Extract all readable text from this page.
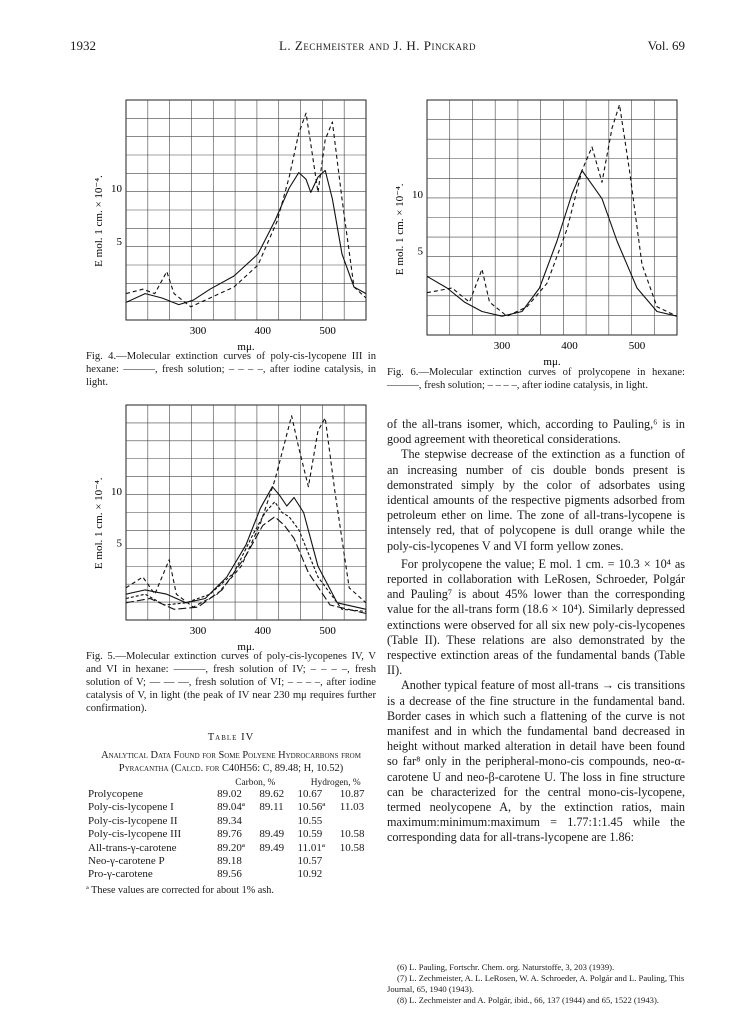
1932	L. Zechmeister and J. H. Pinckard	Vol. 69
300	400	500
mμ.
10
5
E mol. 1 cm. × 10⁻⁴.
Fig. 4.—Molecular extinction curves of poly-cis-lycopene III in hexane: ———, fresh solution; – – – –, after iodine catalysis, in light.
300	400	500
mμ.
10
5
E mol. 1 cm. × 10⁻⁴.
Fig. 5.—Molecular extinction curves of poly-cis-lycopenes IV, V and VI in hexane: ———, fresh solution of IV; – – – –, fresh solution of V; — — —, fresh solution of VI; – – – –, after iodine catalysis of V, in light (the peak of IV near 230 mμ requires further confirmation).
300	400	500
mμ.
10
5
E mol. 1 cm. × 10⁻⁴.
Fig. 6.—Molecular extinction curves of prolycopene in hexane: ———, fresh solution; – – – –, after iodine catalysis, in light.
Table IV
Analytical Data Found for Some Polyene Hydrocarbons from Pyracantha (Calcd. for C40H56: C, 89.48; H, 10.52)
	Carbon, %		Hydrogen, %	
Prolycopene	89.02	89.62	10.67	10.87
Poly-cis-lycopene I	89.04ª	89.11	10.56ª	11.03
Poly-cis-lycopene II	89.34		10.55	
Poly-cis-lycopene III	89.76	89.49	10.59	10.58
All-trans-γ-carotene	89.20ª	89.49	11.01ª	10.58
Neo-γ-carotene P	89.18		10.57	
Pro-γ-carotene	89.56		10.92	
ª These values are corrected for about 1% ash.

of the all-trans isomer, which, according to Pauling,⁶ is in good agreement with theoretical considerations.

The stepwise decrease of the extinction as a function of an increasing number of cis double bonds present is demonstrated simply by the color of adsorbates using identical amounts of the respective pigments adsorbed from petroleum ether on lime. The zone of all-trans-lycopene is intensely red, that of polycopene is dull orange while the poly-cis-lycopenes V and VI form yellow zones.

For prolycopene the value; E mol. 1 cm. = 10.3 × 10⁴ as reported in collaboration with LeRosen, Schroeder, Polgár and Pauling⁷ is about 45% lower than the corresponding value for the all-trans form (18.6 × 10⁴). Similarly depressed extinctions were observed for all six new poly-cis-lycopenes (Table II). These relations are also demonstrated by the respective extinction areas of the fundamental bands (Table II).

Another typical feature of most all-trans → cis transitions is a decrease of the fine structure in the fundamental band. Border cases in which such a flattening of the curve is not manifest and in which the fundamental band decreased in height without marked alteration in detail have been found so far⁸ only in the peripheral-mono-cis compounds, neo-α-carotene U and neo-β-carotene U. The loss in fine structure can be characterized for the central mono-cis-lycopene, termed neolycopene A, by the extinction ratios, main maximum:minimum:maximum = 1.77:1:1.45 while the corresponding data for all-trans-lycopene are 1.86:

(6) L. Pauling, Fortschr. Chem. org. Naturstoffe, 3, 203 (1939).
(7) L. Zechmeister, A. L. LeRosen, W. A. Schroeder, A. Polgár and L. Pauling, This Journal, 65, 1940 (1943).
(8) L. Zechmeister and A. Polgár, ibid., 66, 137 (1944) and 65, 1522 (1943).
